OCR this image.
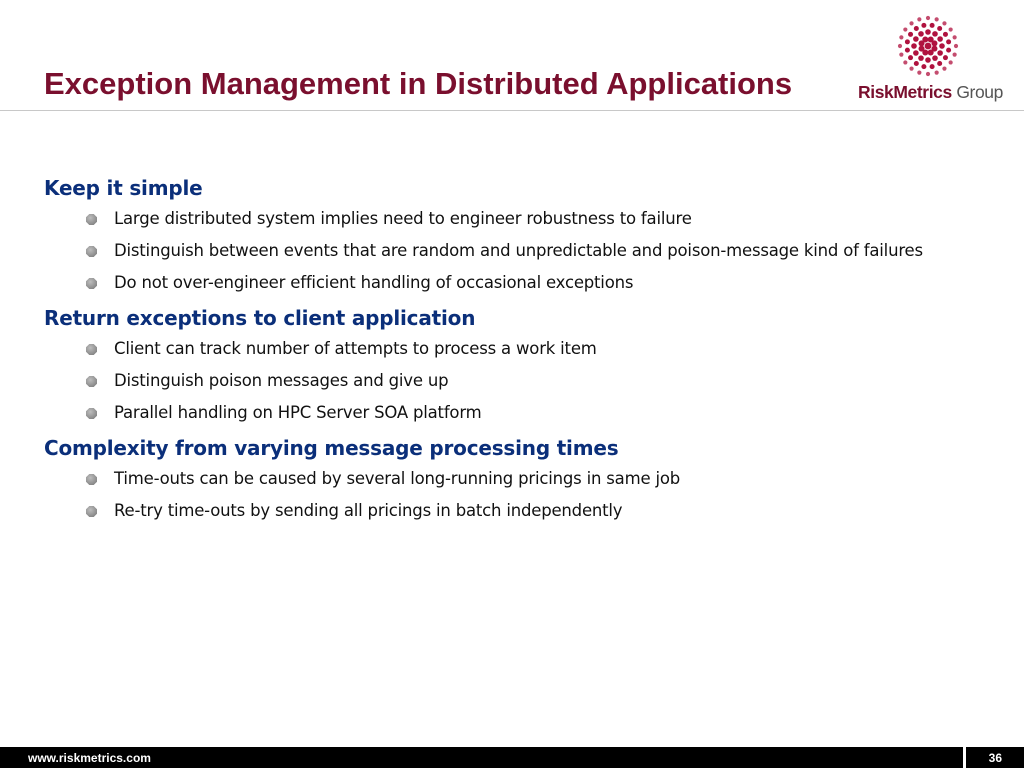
Exception Management in Distributed Applications	RiskMetrics Group
Keep it simple
Large distributed system implies need to engineer robustness to failure
Distinguish between events that are random and unpredictable and poison-message kind of failures
Do not over-engineer efficient handling of occasional exceptions
Return exceptions to client application
Client can track number of attempts to process a work item
Distinguish poison messages and give up
Parallel handling on HPC Server SOA platform
Complexity from varying message processing times
Time-outs can be caused by several long-running pricings in same job
Re-try time-outs by sending all pricings in batch independently
www.riskmetrics.com	36
